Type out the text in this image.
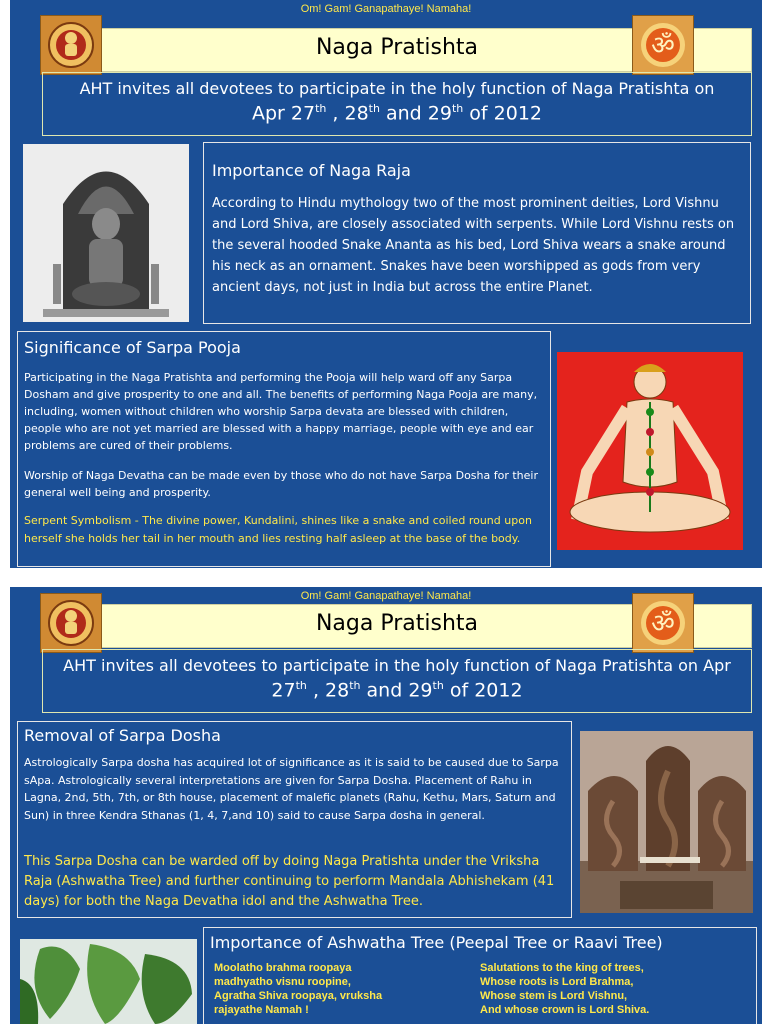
Om! Gam! Ganapathaye! Namaha!
Naga Pratishta	ॐ
AHT invites all devotees to participate in the holy function of Naga Pratishta on
Apr 27th , 28th and 29th of 2012
Importance of Naga Raja

According to Hindu mythology two of the most prominent deities, Lord Vishnu and Lord Shiva, are closely associated with serpents. While Lord Vishnu rests on the several hooded Snake Ananta as his bed, Lord Shiva wears a snake around his neck as an ornament. Snakes have been worshipped as gods from very ancient days, not just in India but across the entire Planet.

Significance of Sarpa Pooja

Participating in the Naga Pratishta and performing the Pooja will help ward off any Sarpa Dosham and give prosperity to one and all. The benefits of performing Naga Pooja are many, including, women without children who worship Sarpa devata are blessed with children, people who are not yet married are blessed with a happy marriage, people with eye and ear problems are cured of their problems.

Worship of Naga Devatha can be made even by those who do not have Sarpa Dosha for their general well being and prosperity.

Serpent Symbolism - The divine power, Kundalini, shines like a snake and coiled round upon herself she holds her tail in her mouth and lies resting half asleep at the base of the body.

Om! Gam! Ganapathaye! Namaha!
Naga Pratishta	ॐ
AHT invites all devotees to participate in the holy function of Naga Pratishta on Apr
27th , 28th and 29th of 2012
Removal of Sarpa Dosha

Astrologically Sarpa dosha has acquired lot of significance as it is said to be caused due to Sarpa sApa. Astrologically several interpretations are given for Sarpa Dosha. Placement of Rahu in Lagna, 2nd, 5th, 7th, or 8th house, placement of malefic planets (Rahu, Kethu, Mars, Saturn and Sun) in three Kendra Sthanas (1, 4, 7,and 10) said to cause Sarpa dosha in general.

This Sarpa Dosha can be warded off by doing Naga Pratishta under the Vriksha Raja (Ashwatha Tree) and further continuing to perform Mandala Abhishekam (41 days) for both the Naga Devatha idol and the Ashwatha Tree.

Importance of Ashwatha Tree (Peepal Tree or Raavi Tree)
Moolatho brahma roopaya
madhyatho visnu roopine,
Agratha Shiva roopaya, vruksha
rajayathe Namah !
Salutations to the king of trees,
Whose roots is Lord Brahma,
Whose stem is Lord Vishnu,
And whose crown is Lord Shiva.
